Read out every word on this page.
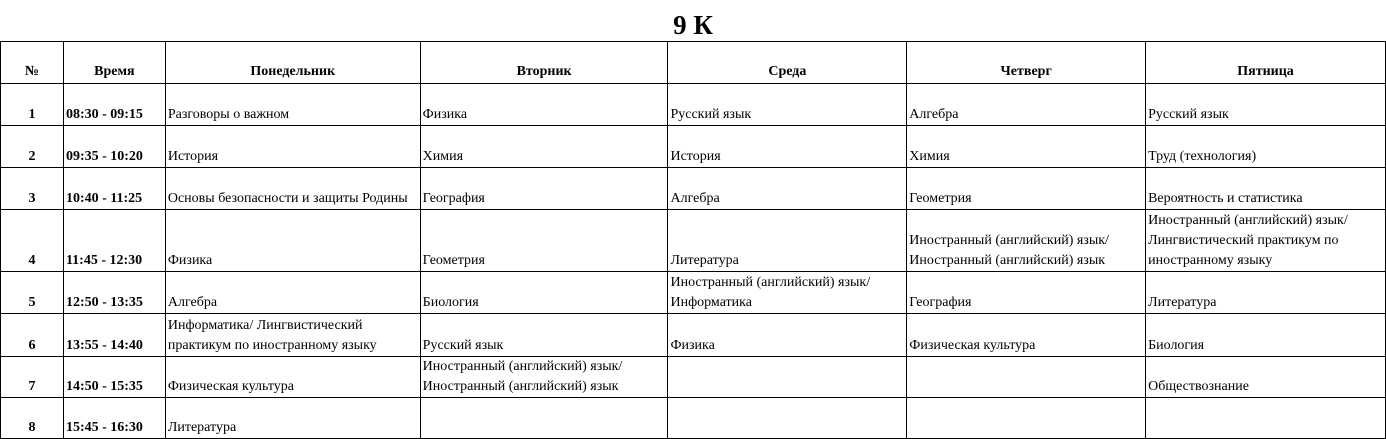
9 К
№	Время	Понедельник	Вторник	Среда	Четверг	Пятница
1	08:30 - 09:15	Разговоры о важном	Физика	Русский язык	Алгебра	Русский язык
2	09:35 - 10:20	История	Химия	История	Химия	Труд (технология)
3	10:40 - 11:25	Основы безопасности и защиты Родины	География	Алгебра	Геометрия	Вероятность и статистика
4	11:45 - 12:30	Физика	Геометрия	Литература	Иностранный (английский) язык/ Иностранный (английский) язык	Иностранный (английский) язык/ Лингвистический практикум по иностранному языку
5	12:50 - 13:35	Алгебра	Биология	Иностранный (английский) язык/ Информатика	География	Литература
6	13:55 - 14:40	Информатика/ Лингвистический практикум по иностранному языку	Русский язык	Физика	Физическая культура	Биология
7	14:50 - 15:35	Физическая культура	Иностранный (английский) язык/ Иностранный (английский) язык			Обществознание
8	15:45 - 16:30	Литература				
